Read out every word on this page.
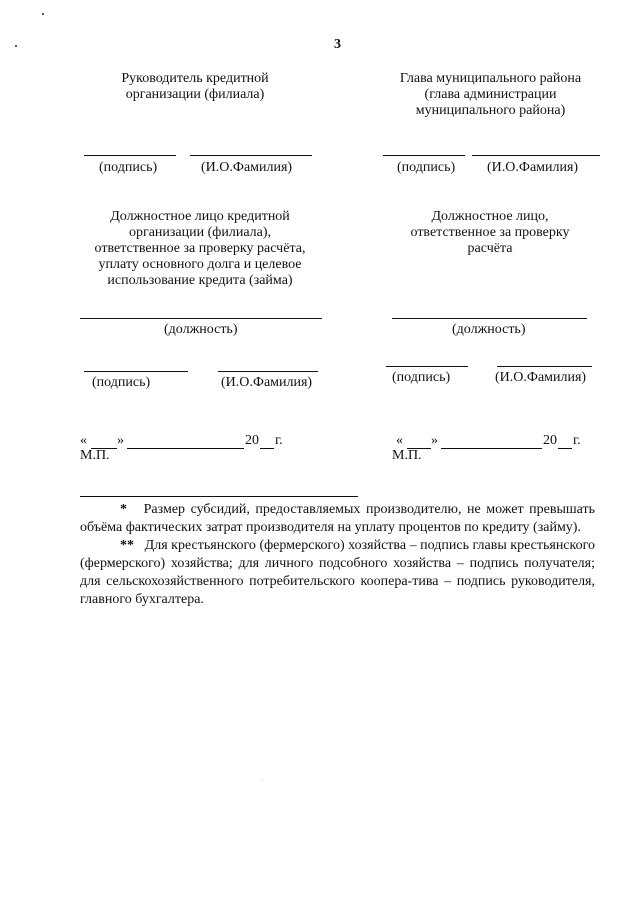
3
Руководитель кредитной
организации (филиала)
Глава муниципального района
(глава администрации
муниципального района)
(подпись)	(И.О.Фамилия)	(подпись) (И.О.Фамилия)
Должностное лицо кредитной
организации (филиала),
ответственное за проверку расчёта,
уплату основного долга и целевое
использование кредита (займа)
Должностное лицо,
ответственное за проверку
расчёта
(должность)	(должность)
(подпись)	(И.О.Фамилия)	(подпись)	(И.О.Фамилия)
« »	20 г.
М.П.
« »	20 г.
М.П.

* Размер субсидий, предоставляемых производителю, не может превышать объёма фактических затрат производителя на уплату процентов по кредиту (займу).

** Для крестьянского (фермерского) хозяйства – подпись главы крестьянского (фермерского) хозяйства; для личного подсобного хозяйства – подпись получателя; для сельскохозяйственного потребительского коопера-тива – подпись руководителя, главного бухгалтера.
